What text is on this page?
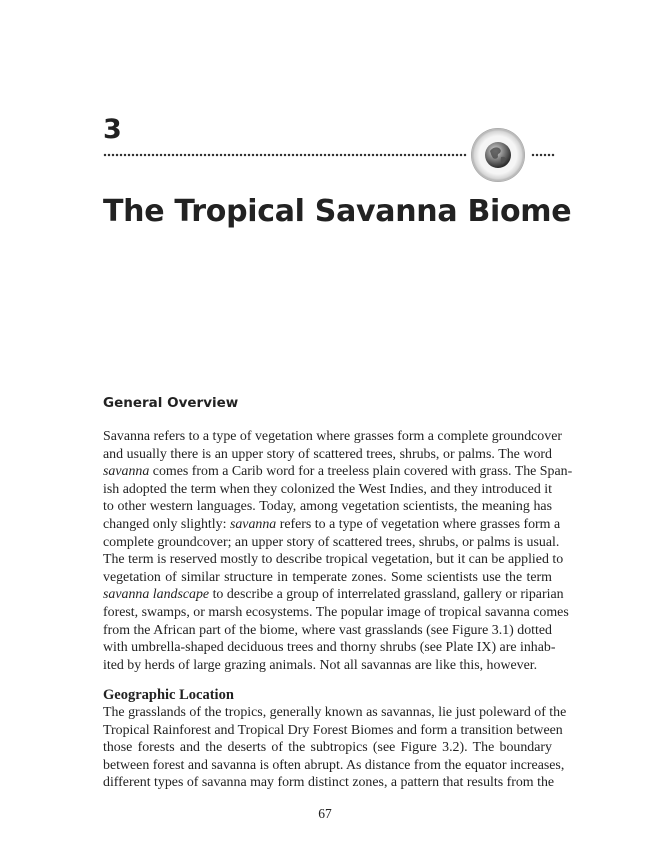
3
The Tropical Savanna Biome
General Overview
Savanna refers to a type of vegetation where grasses form a complete groundcover
and usually there is an upper story of scattered trees, shrubs, or palms. The word
savanna comes from a Carib word for a treeless plain covered with grass. The Span-
ish adopted the term when they colonized the West Indies, and they introduced it
to other western languages. Today, among vegetation scientists, the meaning has
changed only slightly: savanna refers to a type of vegetation where grasses form a
complete groundcover; an upper story of scattered trees, shrubs, or palms is usual.
The term is reserved mostly to describe tropical vegetation, but it can be applied to
vegetation of similar structure in temperate zones. Some scientists use the term
savanna landscape to describe a group of interrelated grassland, gallery or riparian
forest, swamps, or marsh ecosystems. The popular image of tropical savanna comes
from the African part of the biome, where vast grasslands (see Figure 3.1) dotted
with umbrella-shaped deciduous trees and thorny shrubs (see Plate IX) are inhab-
ited by herds of large grazing animals. Not all savannas are like this, however.
Geographic Location
The grasslands of the tropics, generally known as savannas, lie just poleward of the
Tropical Rainforest and Tropical Dry Forest Biomes and form a transition between
those forests and the deserts of the subtropics (see Figure 3.2). The boundary
between forest and savanna is often abrupt. As distance from the equator increases,
different types of savanna may form distinct zones, a pattern that results from the
67
